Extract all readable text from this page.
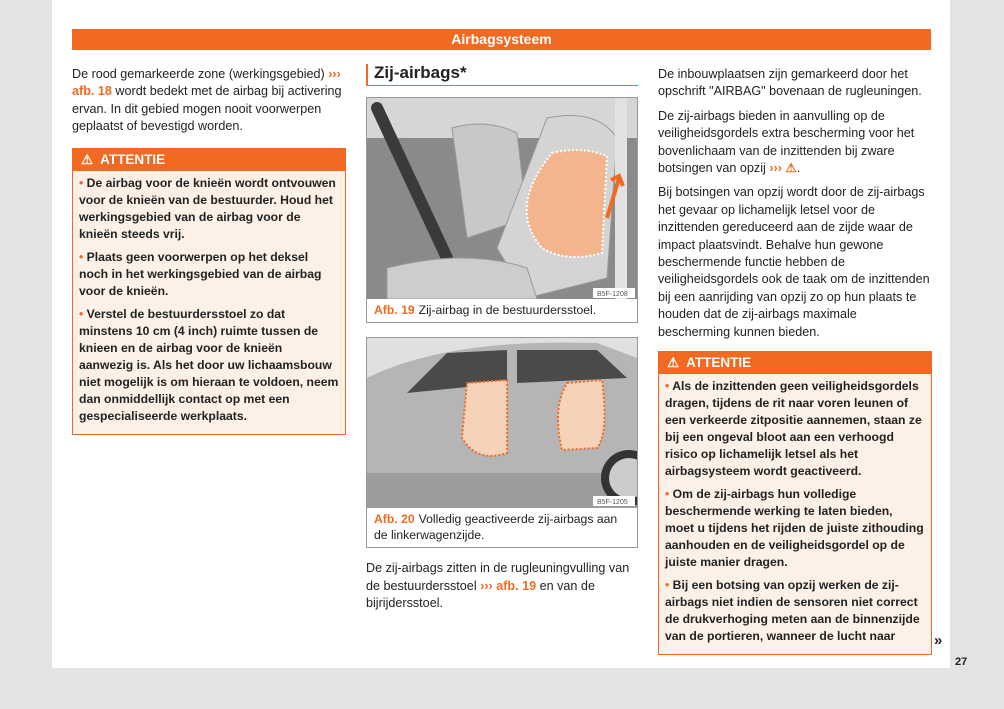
Airbagsysteem

De rood gemarkeerde zone (werkingsgebied) ››› afb. 18 wordt bedekt met de airbag bij activering ervan. In dit gebied mogen nooit voorwerpen geplaatst of bevestigd worden.

⚠ ATTENTIE

• De airbag voor de knieën wordt ontvouwen voor de knieën van de bestuurder. Houd het werkingsgebied van de airbag voor de knieën steeds vrij.

• Plaats geen voorwerpen op het deksel noch in het werkingsgebied van de airbag voor de knieën.

• Verstel de bestuurdersstoel zo dat minstens 10 cm (4 inch) ruimte tussen de knieen en de airbag voor de knieën aanwezig is. Als het door uw lichaamsbouw niet mogelijk is om hieraan te voldoen, neem dan onmiddellijk contact op met een gespecialiseerde werkplaats.

Zij-airbags*
B5F-1208
Afb. 19 Zij-airbag in de bestuurdersstoel.
B5F-1205
Afb. 20 Volledig geactiveerde zij-airbags aan de linkerwagenzijde.

De zij-airbags zitten in de rugleuningvulling van de bestuurdersstoel ››› afb. 19 en van de bijrijdersstoel.

De inbouwplaatsen zijn gemarkeerd door het opschrift "AIRBAG" bovenaan de rugleuningen.

De zij-airbags bieden in aanvulling op de veiligheidsgordels extra bescherming voor het bovenlichaam van de inzittenden bij zware botsingen van opzij ››› ⚠.

Bij botsingen van opzij wordt door de zij-airbags het gevaar op lichamelijk letsel voor de inzittenden gereduceerd aan de zijde waar de impact plaatsvindt. Behalve hun gewone beschermende functie hebben de veiligheidsgordels ook de taak om de inzittenden bij een aanrijding van opzij zo op hun plaats te houden dat de zij-airbags maximale bescherming kunnen bieden.

⚠ ATTENTIE

• Als de inzittenden geen veiligheidsgordels dragen, tijdens de rit naar voren leunen of een verkeerde zitpositie aannemen, staan ze bij een ongeval bloot aan een verhoogd risico op lichamelijk letsel als het airbagsysteem wordt geactiveerd.

• Om de zij-airbags hun volledige beschermende werking te laten bieden, moet u tijdens het rijden de juiste zithouding aanhouden en de veiligheidsgordel op de juiste manier dragen.

• Bij een botsing van opzij werken de zij-airbags niet indien de sensoren niet correct de drukverhoging meten aan de binnenzijde van de portieren, wanneer de lucht naar	»
27
